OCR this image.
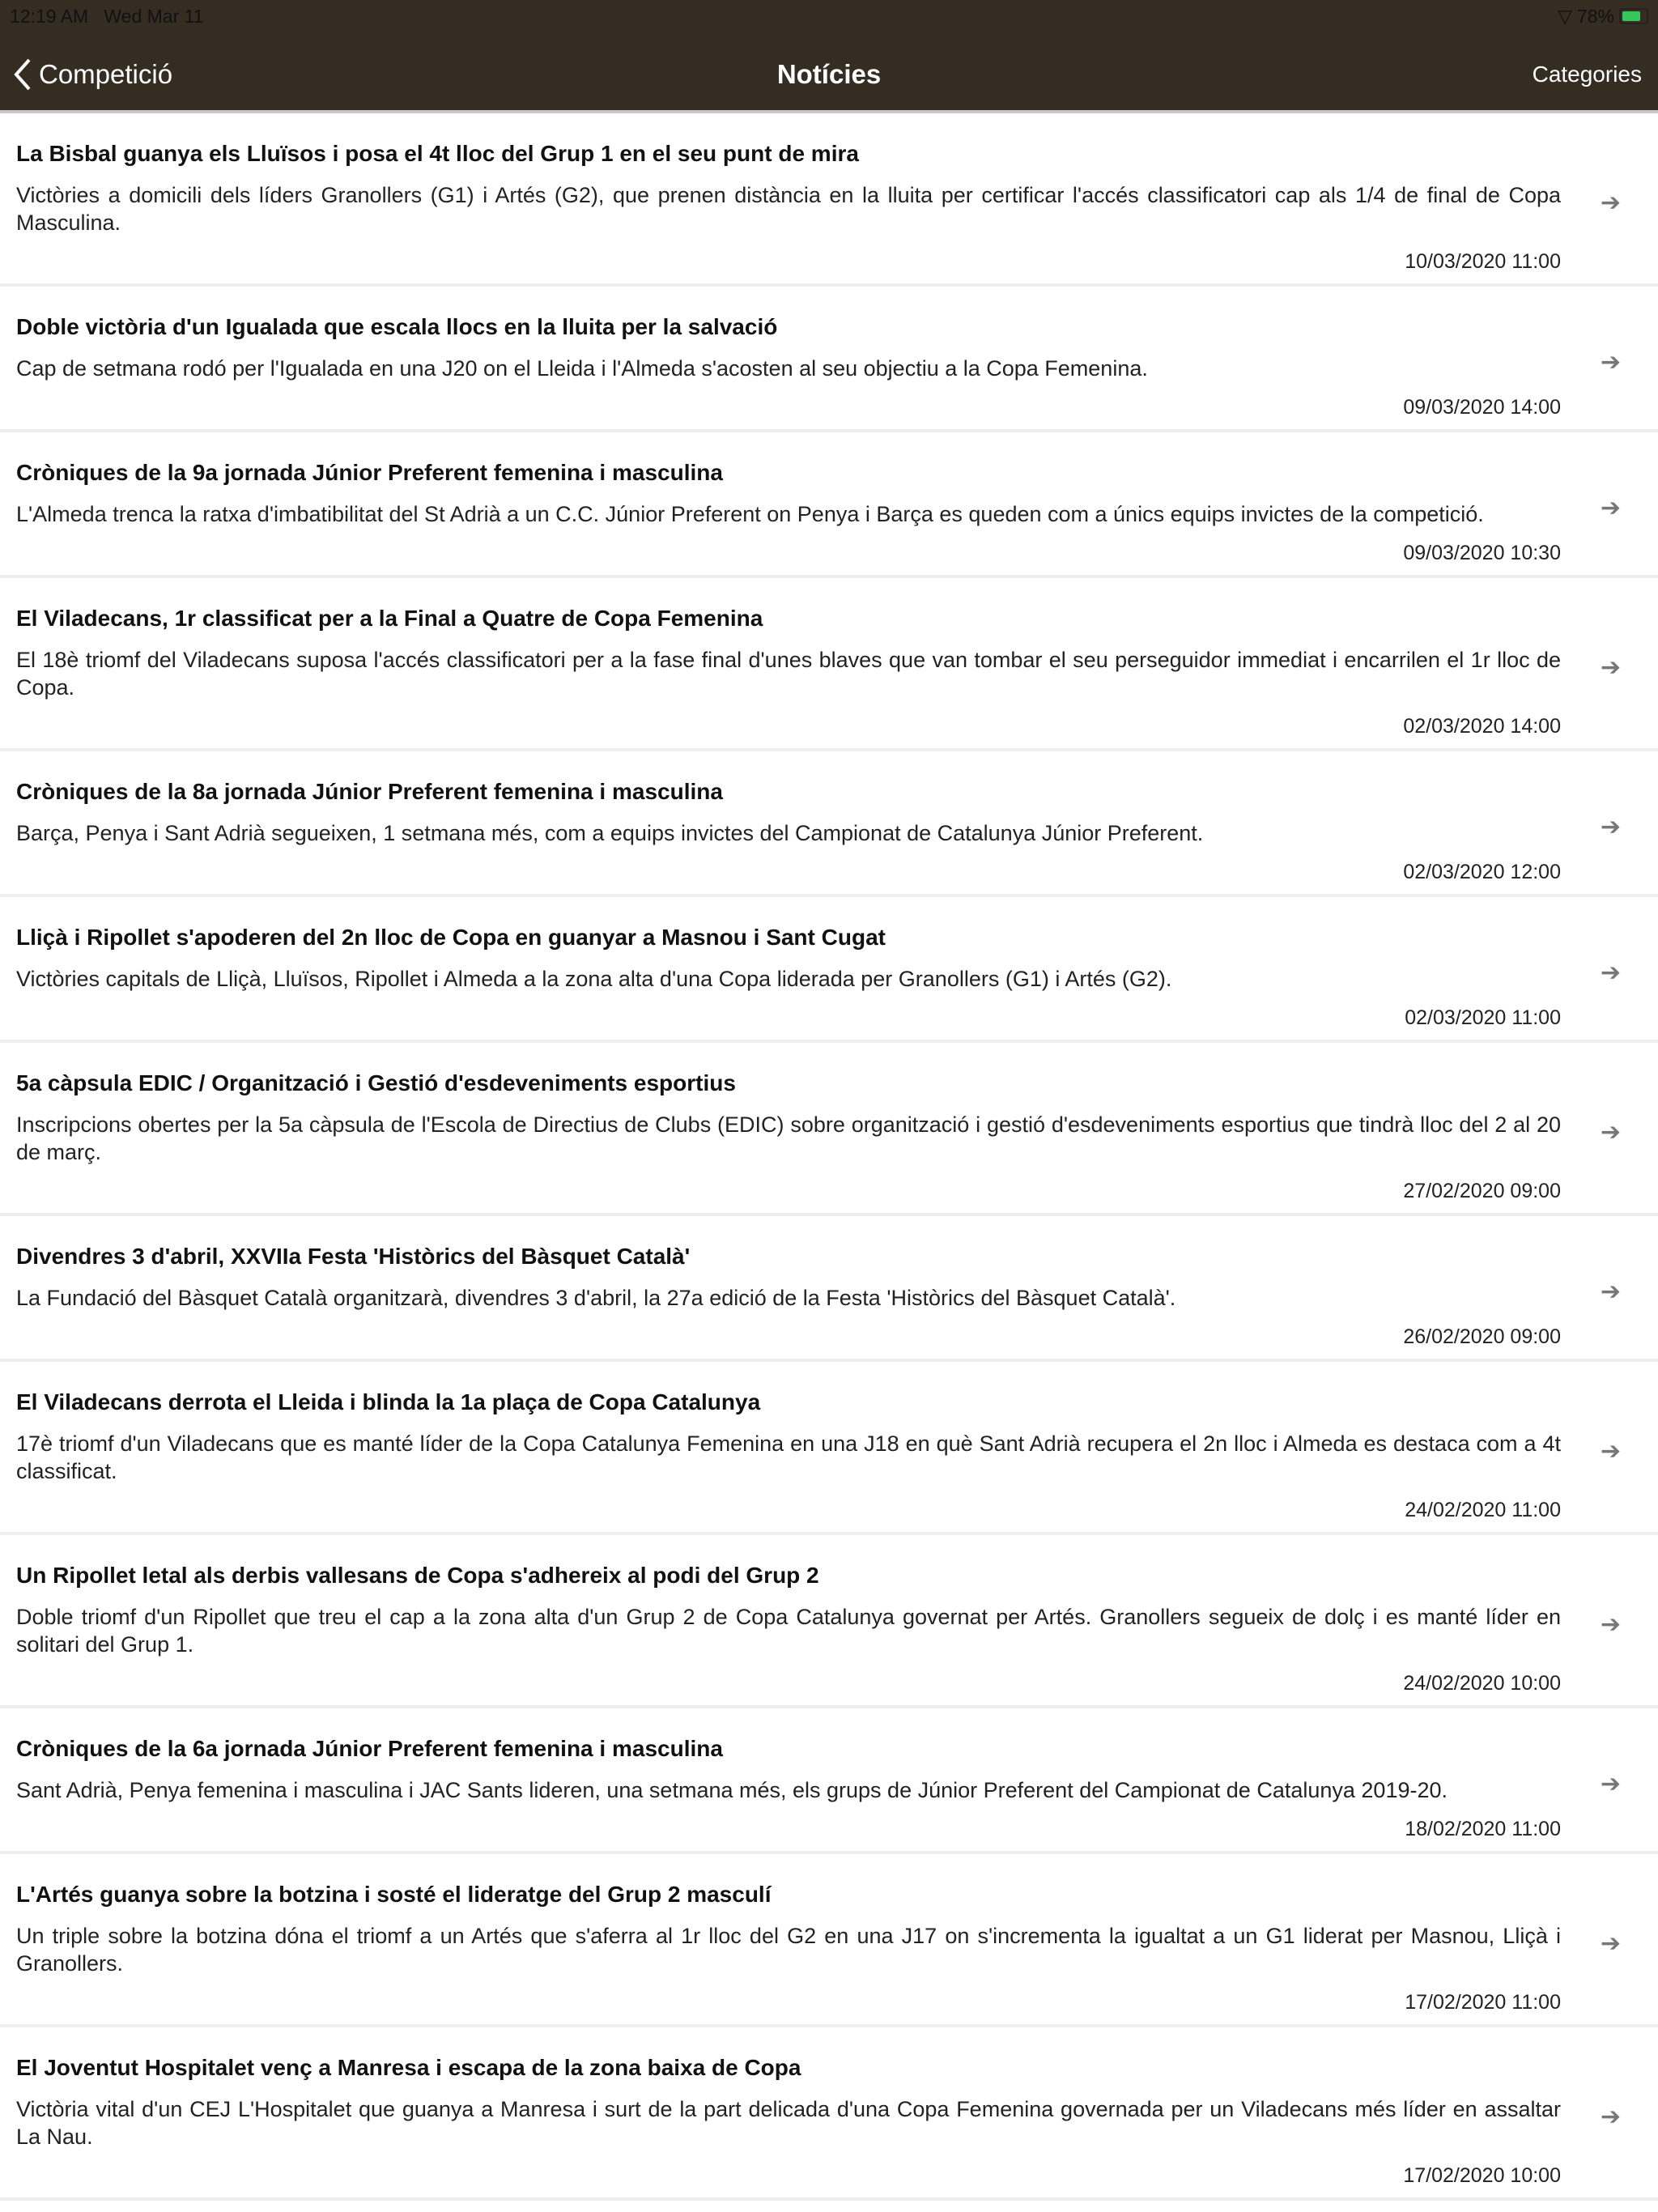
12:19 AM Wed Mar 11	▽ 78%
Competició	Notícies	Categories
La Bisbal guanya els Lluïsos i posa el 4t lloc del Grup 1 en el seu punt de mira

Victòries a domicili dels líders Granollers (G1) i Artés (G2), que prenen distància en la lluita per certificar l'accés classificatori cap als 1/4 de final de Copa Masculina.

10/03/2020 11:00
➔
Doble victòria d'un Igualada que escala llocs en la lluita per la salvació

Cap de setmana rodó per l'Igualada en una J20 on el Lleida i l'Almeda s'acosten al seu objectiu a la Copa Femenina.

09/03/2020 14:00
➔
Cròniques de la 9a jornada Júnior Preferent femenina i masculina

L'Almeda trenca la ratxa d'imbatibilitat del St Adrià a un C.C. Júnior Preferent on Penya i Barça es queden com a únics equips invictes de la competició.

09/03/2020 10:30
➔
El Viladecans, 1r classificat per a la Final a Quatre de Copa Femenina

El 18è triomf del Viladecans suposa l'accés classificatori per a la fase final d'unes blaves que van tombar el seu perseguidor immediat i encarrilen el 1r lloc de Copa.

02/03/2020 14:00
➔
Cròniques de la 8a jornada Júnior Preferent femenina i masculina

Barça, Penya i Sant Adrià segueixen, 1 setmana més, com a equips invictes del Campionat de Catalunya Júnior Preferent.

02/03/2020 12:00
➔
Lliçà i Ripollet s'apoderen del 2n lloc de Copa en guanyar a Masnou i Sant Cugat

Victòries capitals de Lliçà, Lluïsos, Ripollet i Almeda a la zona alta d'una Copa liderada per Granollers (G1) i Artés (G2).

02/03/2020 11:00
➔
5a càpsula EDIC / Organització i Gestió d'esdeveniments esportius

Inscripcions obertes per la 5a càpsula de l'Escola de Directius de Clubs (EDIC) sobre organització i gestió d'esdeveniments esportius que tindrà lloc del 2 al 20 de març.

27/02/2020 09:00
➔
Divendres 3 d'abril, XXVIIa Festa 'Històrics del Bàsquet Català'

La Fundació del Bàsquet Català organitzarà, divendres 3 d'abril, la 27a edició de la Festa 'Històrics del Bàsquet Català'.

26/02/2020 09:00
➔
El Viladecans derrota el Lleida i blinda la 1a plaça de Copa Catalunya

17è triomf d'un Viladecans que es manté líder de la Copa Catalunya Femenina en una J18 en què Sant Adrià recupera el 2n lloc i Almeda es destaca com a 4t classificat.

24/02/2020 11:00
➔
Un Ripollet letal als derbis vallesans de Copa s'adhereix al podi del Grup 2

Doble triomf d'un Ripollet que treu el cap a la zona alta d'un Grup 2 de Copa Catalunya governat per Artés. Granollers segueix de dolç i es manté líder en solitari del Grup 1.

24/02/2020 10:00
➔
Cròniques de la 6a jornada Júnior Preferent femenina i masculina

Sant Adrià, Penya femenina i masculina i JAC Sants lideren, una setmana més, els grups de Júnior Preferent del Campionat de Catalunya 2019-20.

18/02/2020 11:00
➔
L'Artés guanya sobre la botzina i sosté el lideratge del Grup 2 masculí

Un triple sobre la botzina dóna el triomf a un Artés que s'aferra al 1r lloc del G2 en una J17 on s'incrementa la igualtat a un G1 liderat per Masnou, Lliçà i Granollers.

17/02/2020 11:00
➔
El Joventut Hospitalet venç a Manresa i escapa de la zona baixa de Copa

Victòria vital d'un CEJ L'Hospitalet que guanya a Manresa i surt de la part delicada d'una Copa Femenina governada per un Viladecans més líder en assaltar La Nau.

17/02/2020 10:00
➔
